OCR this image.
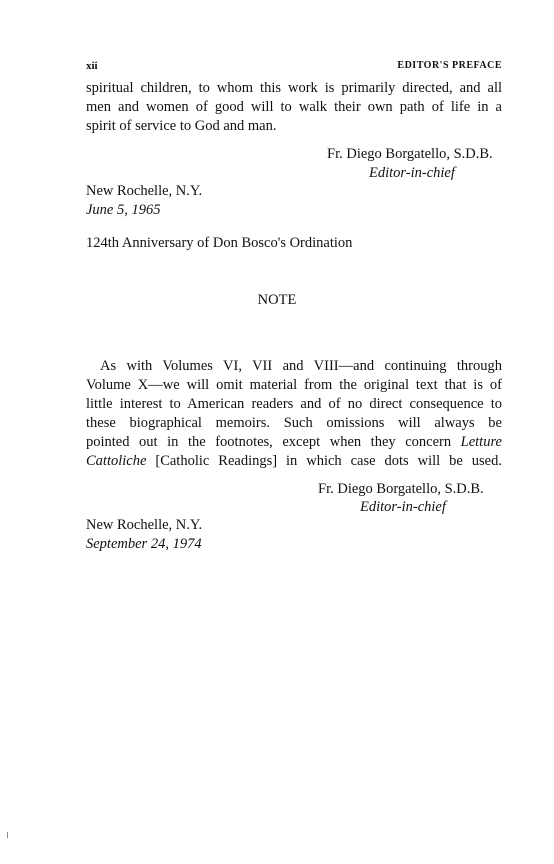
xii	EDITOR'S PREFACE
spiritual children, to whom this work is primarily directed, and all
men and women of good will to walk their own path of life in a
spirit of service to God and man.
Fr. Diego Borgatello, S.D.B.
Editor-in-chief
New Rochelle, N.Y.
June 5, 1965
124th Anniversary of Don Bosco's Ordination
NOTE
As with Volumes VI, VII and VIII—and continuing through
Volume X—we will omit material from the original text that is of
little interest to American readers and of no direct consequence to
these biographical memoirs. Such omissions will always be
pointed out in the footnotes, except when they concern Letture
Cattoliche [Catholic Readings] in which case dots will be used.
Fr. Diego Borgatello, S.D.B.
Editor-in-chief
New Rochelle, N.Y.
September 24, 1974
